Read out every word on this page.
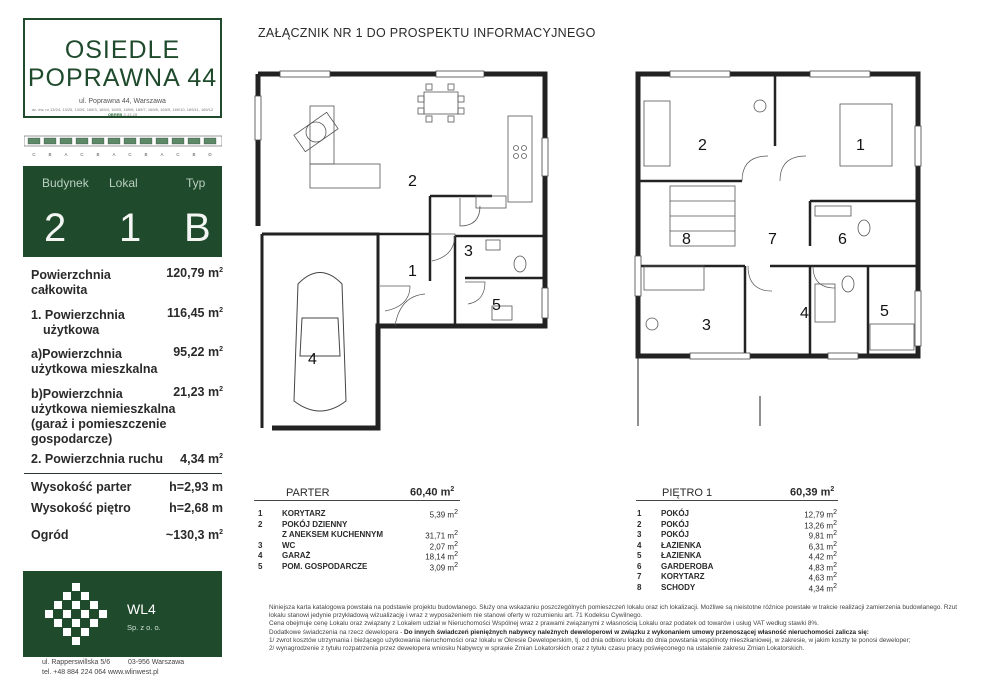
OSIEDLE
POPRAWNA 44
ul. Poprawna 44, Warszawa
dz. ew. nr 13/24, 13/25, 13/26, 169/3, 169/4, 169/5, 169/6, 169/7, 169/8, 169/9, 169/10, 169/11, 169/12
OBRĘB 3-13-16
C	B	A	C	B	A	C	B	A	C	B	D
Budynek Lokal	Typ
2 1 B
Powierzchnia
całkowita
120,79 $m^2$
1. Powierzchnia
użytkowa
116,45 $m^2$
a)Powierzchnia
użytkowa mieszkalna
95,22 $m^2$
b)Powierzchnia
użytkowa niemieszkalna
(garaż i pomieszczenie
gospodarcze)
21,23 $m^2$
2. Powierzchnia ruchu 4,34 $m^2$
Wysokość parter	h=2,93 m
Wysokość piętro	h=2,68 m
Ogród	~130,3 $m^2$
WL4
Sp. z o. o.
ul. Rapperswillska 5/6	03-956 Warszawa
tel. +48 884 224 064 www.wlinwest.pl
ZAŁĄCZNIK NR 1 DO PROSPEKTU INFORMACYJNEGO
1
2
3
4
5
1
2
3
4	5
6
7
8
PARTER	60,40 $m^2$
1 KORYTARZ	5,39 $m^2$
2 POKÓJ DZIENNY
Z ANEKSEM KUCHENNYM	31,71 $m^2$
3 WC	2,07 $m^2$
4 GARAŻ	18,14 $m^2$
5 POM. GOSPODARCZE	3,09 $m^2$
PIĘTRO 1	60,39 $m^2$
1 POKÓJ	12,79 $m^2$
2 POKÓJ	13,26 $m^2$
3 POKÓJ	9,81 $m^2$
4 ŁAZIENKA	6,31 $m^2$
5 ŁAZIENKA	4,42 $m^2$
6 GARDEROBA	4,83 $m^2$
7 KORYTARZ	4,63 $m^2$
8 SCHODY	4,34 $m^2$
Niniejsza karta katalogowa powstała na podstawie projektu budowlanego. Służy ona wskazaniu poszczególnych pomieszczeń lokalu oraz ich lokalizacji. Możliwe są nieistotne różnice powstałe w trakcie realizacji zamierzenia budowlanego. Rzut lokalu stanowi jedynie przykładową wizualizację i wraz z wyposażeniem nie stanowi oferty w rozumieniu art. 71 Kodeksu Cywilnego.
Cena obejmuje cenę Lokalu oraz związany z Lokalem udział w Nieruchomości Wspólnej wraz z prawami związanymi z własnością Lokalu oraz podatek od towarów i usług VAT według stawki 8%.
Dodatkowe świadczenia na rzecz dewelopera - Do innych świadczeń pieniężnych nabywcy należnych deweloperowi w związku z wykonaniem umowy przenoszącej własność nieruchomości zalicza się:
1/ zwrot kosztów utrzymania i bieżącego użytkowania nieruchomości oraz lokalu w Okresie Deweloperskim, tj. od dnia odbioru lokalu do dnia powstania wspólnoty mieszkaniowej, w zakresie, w jakim koszty te ponosi deweloper;
2/ wynagrodzenie z tytułu rozpatrzenia przez dewelopera wniosku Nabywcy w sprawie Zmian Lokatorskich oraz z tytułu czasu pracy poświęconego na ustalenie zakresu Zmian Lokatorskich.
